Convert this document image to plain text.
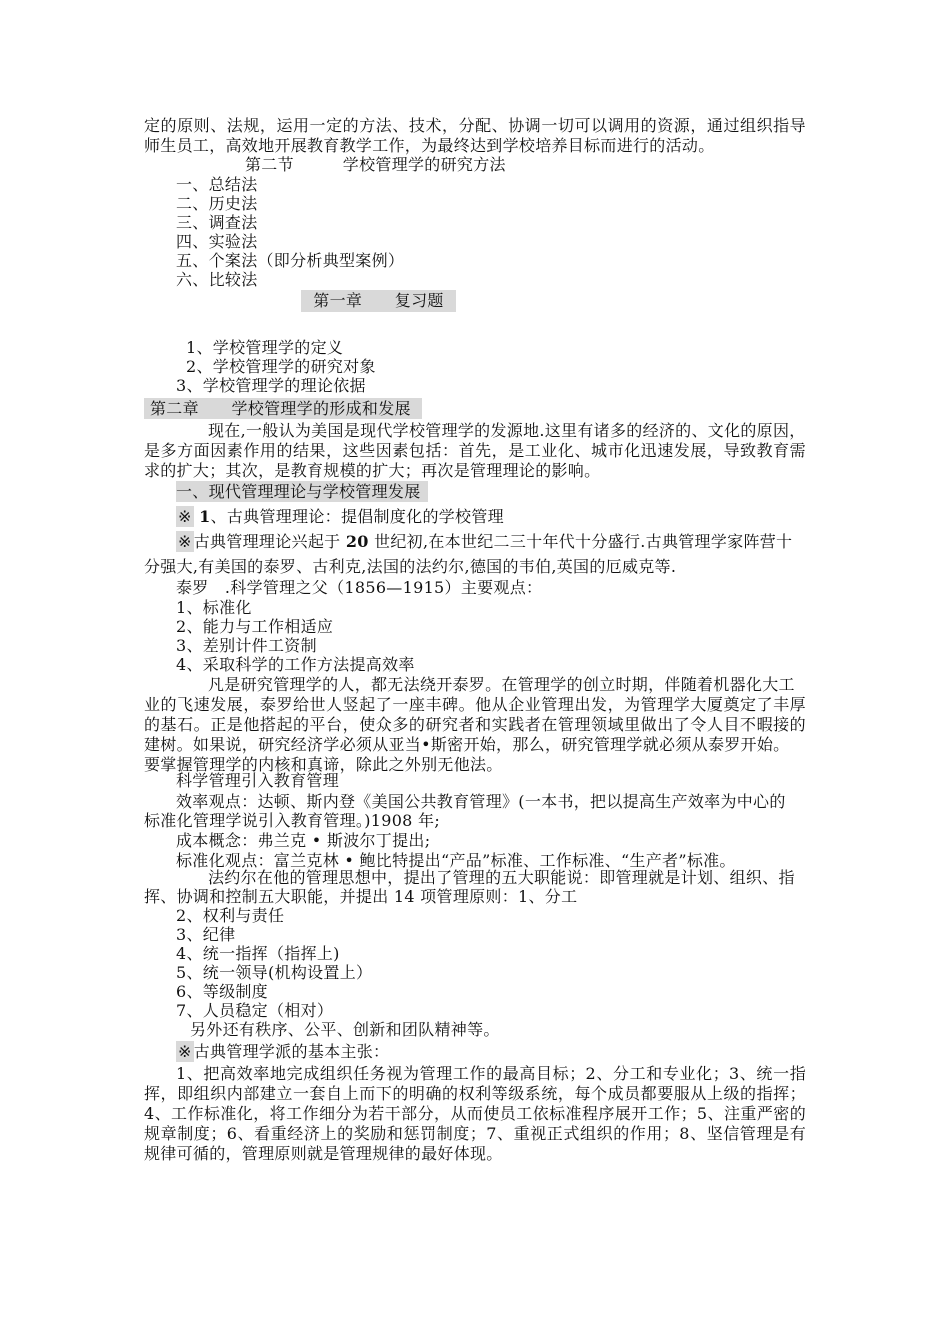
定的原则、法规，运用一定的方法、技术，分配、协调一切可以调用的资源，通过组织指导
师生员工，高效地开展教育教学工作，为最终达到学校培养目标而进行的活动。
第二节　　　学校管理学的研究方法
一、总结法
二、历史法
三、调查法
四、实验法
五、个案法（即分析典型案例）
六、比较法
第一章　　复习题
1、学校管理学的定义
2、学校管理学的研究对象
3、学校管理学的理论依据
第二章　　学校管理学的形成和发展
现在,一般认为美国是现代学校管理学的发源地.这里有诸多的经济的、文化的原因，
是多方面因素作用的结果，这些因素包括：首先，是工业化、城市化迅速发展，导致教育需
求的扩大；其次，是教育规模的扩大；再次是管理理论的影响。
一、现代管理理论与学校管理发展
※ 1、古典管理理论：提倡制度化的学校管理
※ 古典管理理论兴起于 20 世纪初,在本世纪二三十年代十分盛行.古典管理学家阵营十
分强大,有美国的泰罗、古利克,法国的法约尔,德国的韦伯,英国的厄威克等.
泰罗　.科学管理之父（1856—1915）主要观点：
1、标准化
2、能力与工作相适应
3、差别计件工资制
4、采取科学的工作方法提高效率
凡是研究管理学的人，都无法绕开泰罗。在管理学的创立时期，伴随着机器化大工
业的飞速发展，泰罗给世人竖起了一座丰碑。他从企业管理出发，为管理学大厦奠定了丰厚
的基石。正是他搭起的平台，使众多的研究者和实践者在管理领域里做出了令人目不暇接的
建树。如果说，研究经济学必须从亚当•斯密开始，那么，研究管理学就必须从泰罗开始。
要掌握管理学的内核和真谛，除此之外别无他法。
科学管理引入教育管理
效率观点：达顿、斯内登《美国公共教育管理》(一本书，把以提高生产效率为中心的
标准化管理学说引入教育管理。)1908 年;
成本概念：弗兰克 • 斯波尔丁提出;
标准化观点：富兰克林 • 鲍比特提出“产品”标准、工作标准、“生产者”标准。
法约尔在他的管理思想中，提出了管理的五大职能说：即管理就是计划、组织、指
挥、协调和控制五大职能，并提出 14 项管理原则：1、分工
2、权利与责任
3、纪律
4、统一指挥（指挥上)
5、统一领导(机构设置上）
6、等级制度
7、人员稳定（相对）
另外还有秩序、公平、创新和团队精神等。
※ 古典管理学派的基本主张：
1、把高效率地完成组织任务视为管理工作的最高目标；2、分工和专业化；3、统一指
挥，即组织内部建立一套自上而下的明确的权利等级系统，每个成员都要服从上级的指挥；
4、工作标准化，将工作细分为若干部分，从而使员工依标准程序展开工作；5、注重严密的
规章制度；6、看重经济上的奖励和惩罚制度；7、重视正式组织的作用；8、坚信管理是有
规律可循的，管理原则就是管理规律的最好体现。
